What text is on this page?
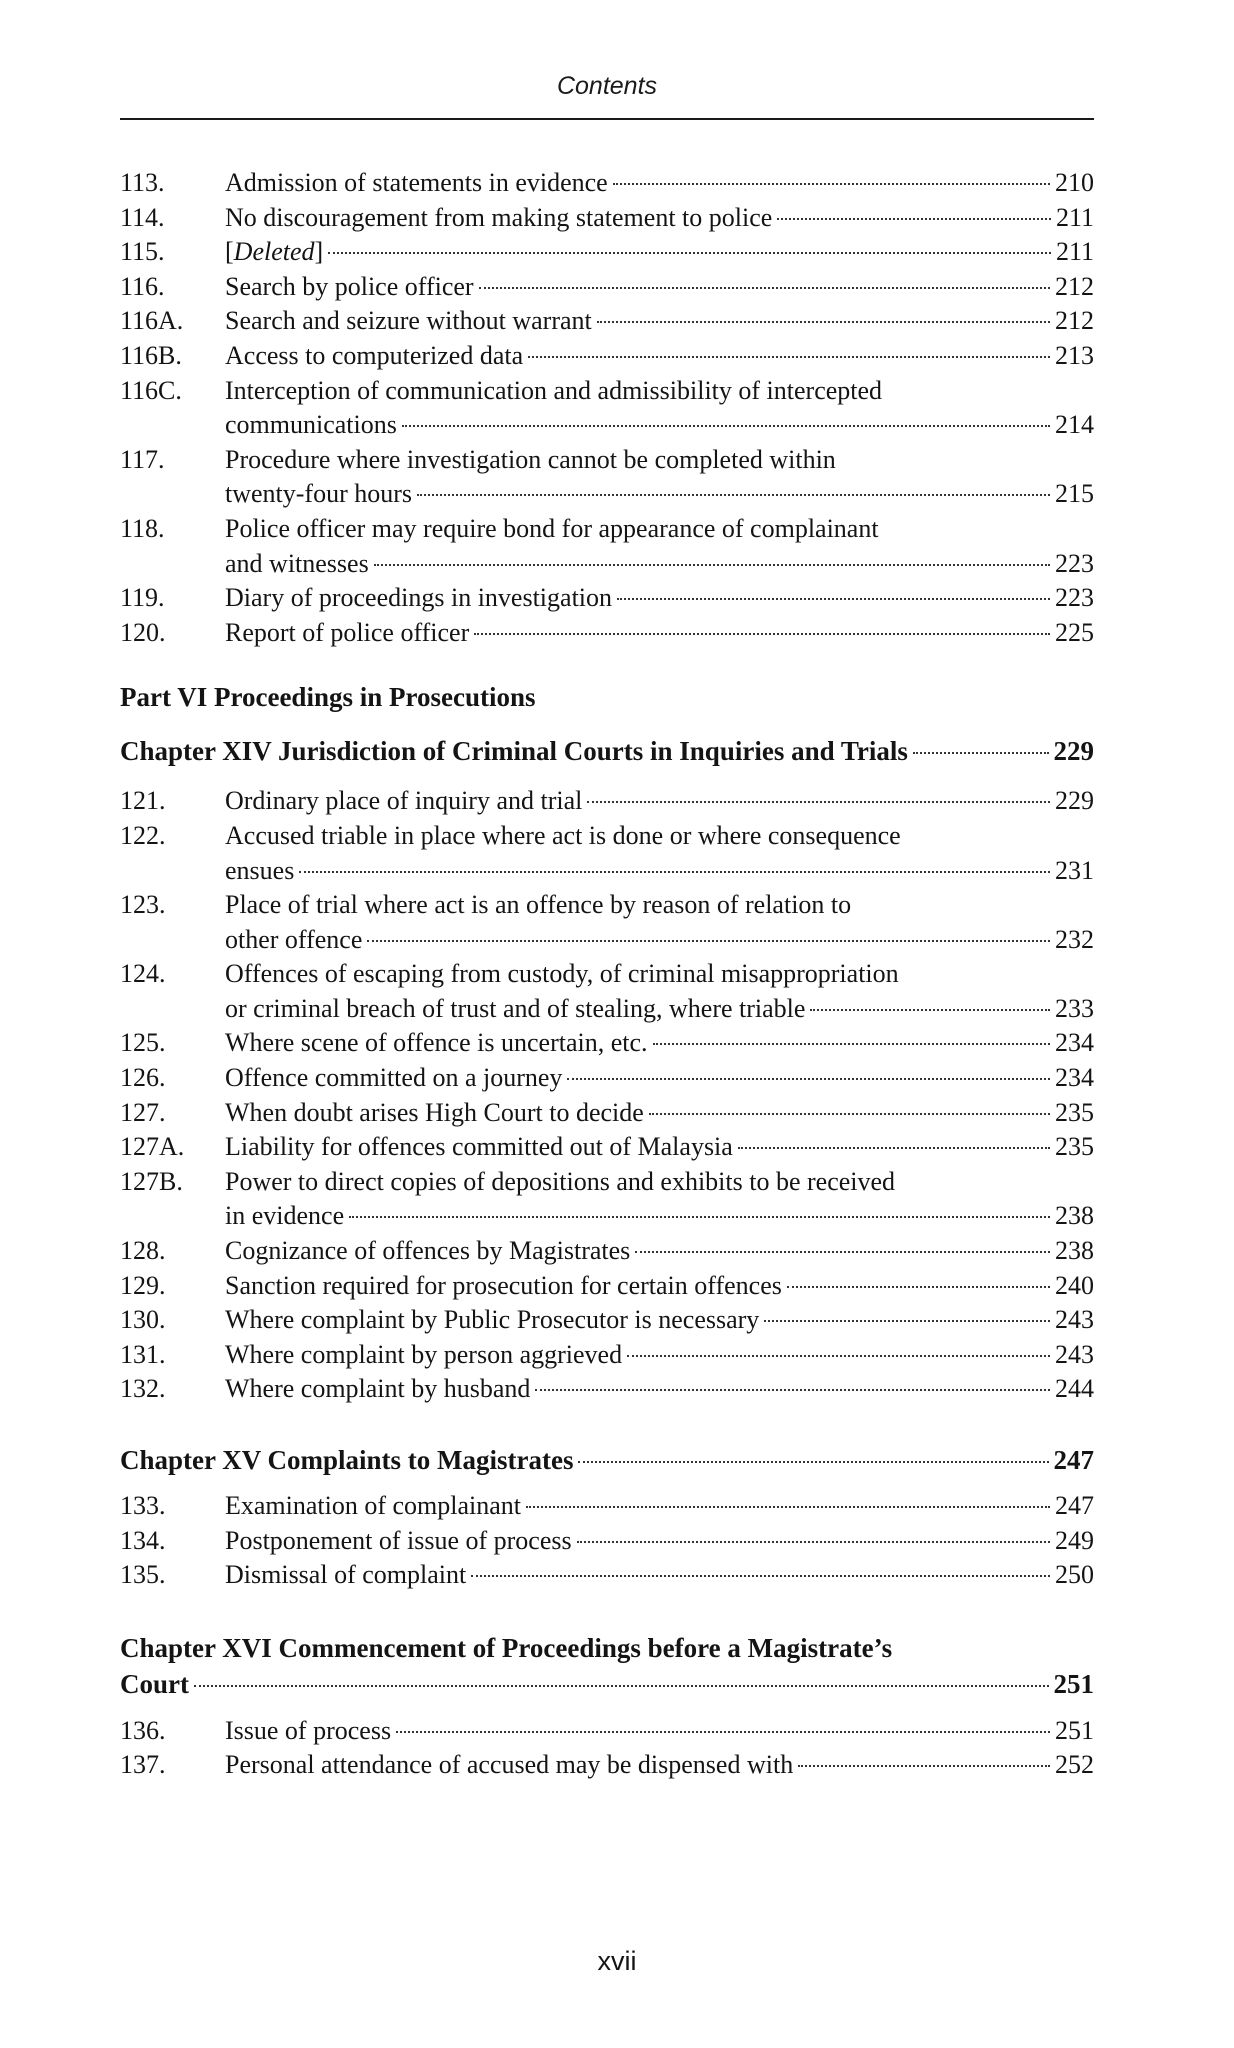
Contents
113.	Admission of statements in evidence	210
114.	No discouragement from making statement to police	211
115.	[Deleted]	211
116.	Search by police officer	212
116A.	Search and seizure without warrant	212
116B.	Access to computerized data	213
116C.	Interception of communication and admissibility of intercepted
communications	214
117.	Procedure where investigation cannot be completed within
twenty-four hours	215
118.	Police officer may require bond for appearance of complainant
and witnesses	223
119.	Diary of proceedings in investigation	223
120.	Report of police officer	225
Part VI Proceedings in Prosecutions
Chapter XIV Jurisdiction of Criminal Courts in Inquiries and Trials	229
121.	Ordinary place of inquiry and trial	229
122.	Accused triable in place where act is done or where consequence
ensues	231
123.	Place of trial where act is an offence by reason of relation to
other offence	232
124.	Offences of escaping from custody, of criminal misappropriation
or criminal breach of trust and of stealing, where triable	233
125.	Where scene of offence is uncertain, etc.	234
126.	Offence committed on a journey	234
127.	When doubt arises High Court to decide	235
127A.	Liability for offences committed out of Malaysia	235
127B.	Power to direct copies of depositions and exhibits to be received
in evidence	238
128.	Cognizance of offences by Magistrates	238
129.	Sanction required for prosecution for certain offences	240
130.	Where complaint by Public Prosecutor is necessary	243
131.	Where complaint by person aggrieved	243
132.	Where complaint by husband	244
Chapter XV Complaints to Magistrates	247
133.	Examination of complainant	247
134.	Postponement of issue of process	249
135.	Dismissal of complaint	250
Chapter XVI Commencement of Proceedings before a Magistrate’s
Court	251
136.	Issue of process	251
137.	Personal attendance of accused may be dispensed with	252
xvii
